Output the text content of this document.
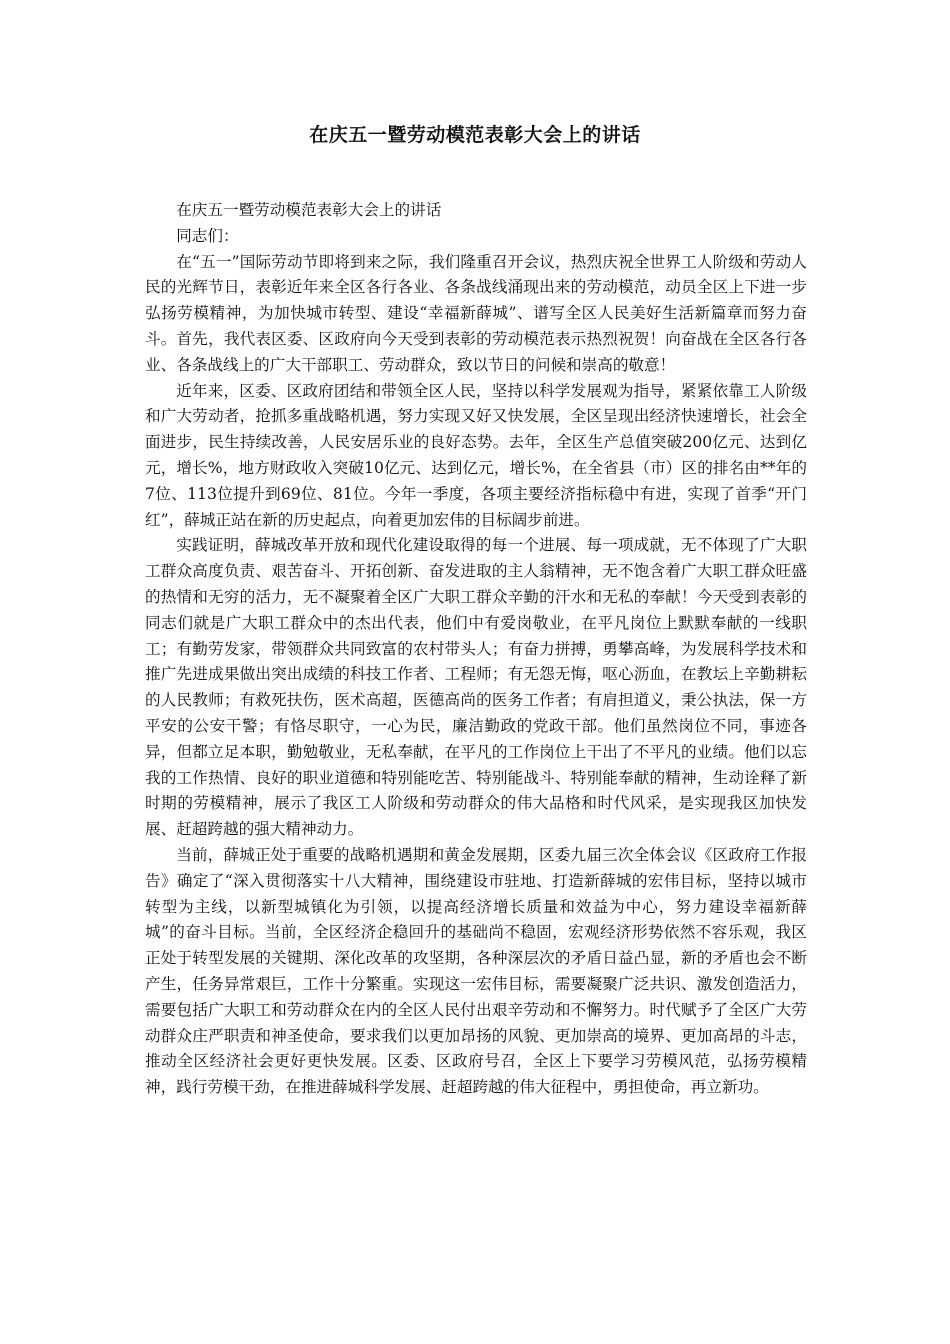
在庆五一暨劳动模范表彰大会上的讲话
在庆五一暨劳动模范表彰大会上的讲话
同志们：

在“五一”国际劳动节即将到来之际，我们隆重召开会议，热烈庆祝全世界工人阶级和劳动人民的光辉节日，表彰近年来全区各行各业、各条战线涌现出来的劳动模范，动员全区上下进一步弘扬劳模精神，为加快城市转型、建设“幸福新薛城”、谱写全区人民美好生活新篇章而努力奋斗。首先，我代表区委、区政府向今天受到表彰的劳动模范表示热烈祝贺！向奋战在全区各行各业、各条战线上的广大干部职工、劳动群众，致以节日的问候和崇高的敬意！

近年来，区委、区政府团结和带领全区人民，坚持以科学发展观为指导，紧紧依靠工人阶级和广大劳动者，抢抓多重战略机遇，努力实现又好又快发展，全区呈现出经济快速增长，社会全面进步，民生持续改善，人民安居乐业的良好态势。去年，全区生产总值突破200亿元、达到亿元，增长%，地方财政收入突破10亿元、达到亿元，增长%，在全省县（市）区的排名由**年的7位、113位提升到69位、81位。今年一季度，各项主要经济指标稳中有进，实现了首季“开门红”，薛城正站在新的历史起点，向着更加宏伟的目标阔步前进。

实践证明，薛城改革开放和现代化建设取得的每一个进展、每一项成就，无不体现了广大职工群众高度负责、艰苦奋斗、开拓创新、奋发进取的主人翁精神，无不饱含着广大职工群众旺盛的热情和无穷的活力，无不凝聚着全区广大职工群众辛勤的汗水和无私的奉献！今天受到表彰的同志们就是广大职工群众中的杰出代表，他们中有爱岗敬业，在平凡岗位上默默奉献的一线职工；有勤劳发家，带领群众共同致富的农村带头人；有奋力拼搏，勇攀高峰，为发展科学技术和推广先进成果做出突出成绩的科技工作者、工程师；有无怨无悔，呕心沥血，在教坛上辛勤耕耘的人民教师；有救死扶伤，医术高超，医德高尚的医务工作者；有肩担道义，秉公执法，保一方平安的公安干警；有恪尽职守，一心为民，廉洁勤政的党政干部。他们虽然岗位不同，事迹各异，但都立足本职，勤勉敬业，无私奉献，在平凡的工作岗位上干出了不平凡的业绩。他们以忘我的工作热情、良好的职业道德和特别能吃苦、特别能战斗、特别能奉献的精神，生动诠释了新时期的劳模精神，展示了我区工人阶级和劳动群众的伟大品格和时代风采，是实现我区加快发展、赶超跨越的强大精神动力。

当前，薛城正处于重要的战略机遇期和黄金发展期，区委九届三次全体会议《区政府工作报告》确定了“深入贯彻落实十八大精神，围绕建设市驻地、打造新薛城的宏伟目标，坚持以城市转型为主线，以新型城镇化为引领，以提高经济增长质量和效益为中心，努力建设幸福新薛城”的奋斗目标。当前，全区经济企稳回升的基础尚不稳固，宏观经济形势依然不容乐观，我区正处于转型发展的关键期、深化改革的攻坚期，各种深层次的矛盾日益凸显，新的矛盾也会不断产生，任务异常艰巨，工作十分繁重。实现这一宏伟目标，需要凝聚广泛共识、激发创造活力，需要包括广大职工和劳动群众在内的全区人民付出艰辛劳动和不懈努力。时代赋予了全区广大劳动群众庄严职责和神圣使命，要求我们以更加昂扬的风貌、更加崇高的境界、更加高昂的斗志，推动全区经济社会更好更快发展。区委、区政府号召，全区上下要学习劳模风范，弘扬劳模精神，践行劳模干劲，在推进薛城科学发展、赶超跨越的伟大征程中，勇担使命，再立新功。
